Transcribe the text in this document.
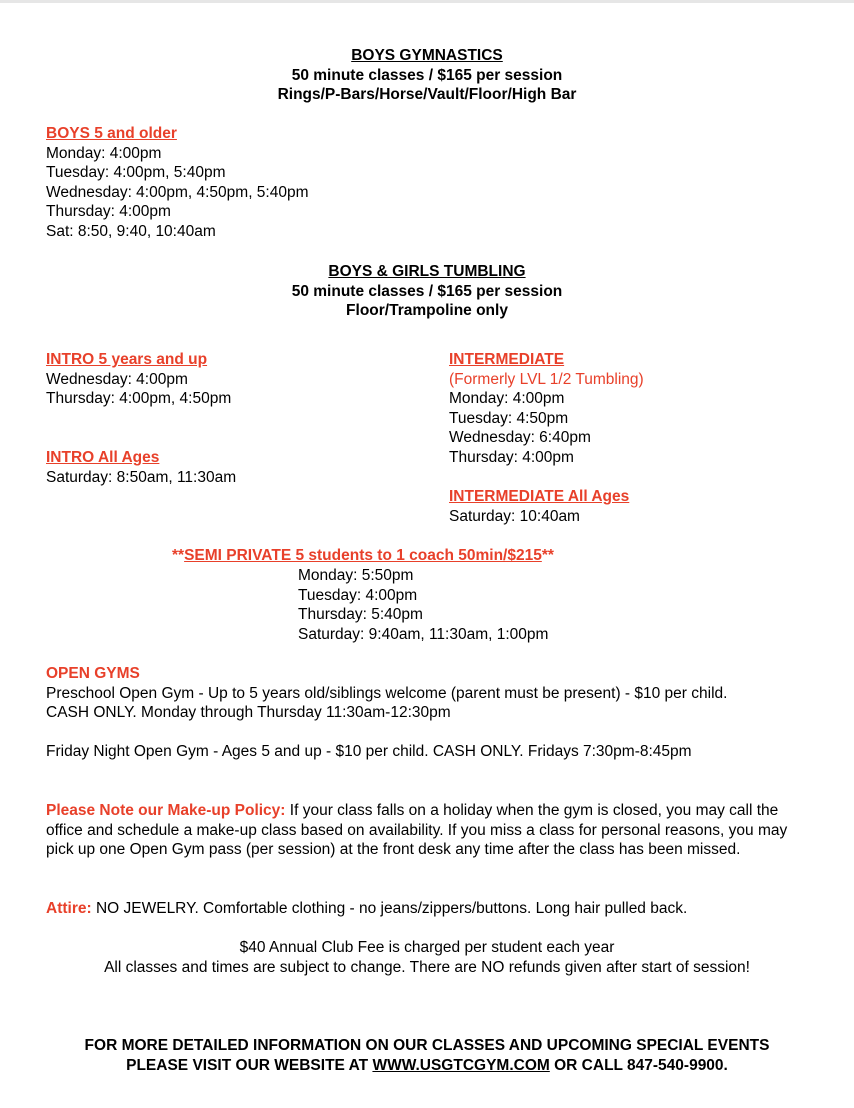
BOYS GYMNASTICS
50 minute classes / $165 per session
Rings/P-Bars/Horse/Vault/Floor/High Bar
BOYS 5 and older
Monday: 4:00pm
Tuesday: 4:00pm, 5:40pm
Wednesday: 4:00pm, 4:50pm, 5:40pm
Thursday: 4:00pm
Sat: 8:50, 9:40, 10:40am
BOYS & GIRLS TUMBLING
50 minute classes / $165 per session
Floor/Trampoline only
INTRO 5 years and up
Wednesday: 4:00pm
Thursday: 4:00pm, 4:50pm
INTRO All Ages
Saturday: 8:50am, 11:30am
INTERMEDIATE
(Formerly LVL 1/2 Tumbling)
Monday: 4:00pm
Tuesday: 4:50pm
Wednesday: 6:40pm
Thursday: 4:00pm
INTERMEDIATE All Ages
Saturday: 10:40am
**SEMI PRIVATE 5 students to 1 coach 50min/$215**
Monday: 5:50pm
Tuesday: 4:00pm
Thursday: 5:40pm
Saturday: 9:40am, 11:30am, 1:00pm
OPEN GYMS
Preschool Open Gym - Up to 5 years old/siblings welcome (parent must be present) - $10 per child.
CASH ONLY. Monday through Thursday 11:30am-12:30pm
Friday Night Open Gym - Ages 5 and up - $10 per child. CASH ONLY. Fridays 7:30pm-8:45pm
Please Note our Make-up Policy: If your class falls on a holiday when the gym is closed, you may call the office and schedule a make-up class based on availability. If you miss a class for personal reasons, you may pick up one Open Gym pass (per session) at the front desk any time after the class has been missed.
Attire: NO JEWELRY. Comfortable clothing - no jeans/zippers/buttons. Long hair pulled back.
$40 Annual Club Fee is charged per student each year
All classes and times are subject to change. There are NO refunds given after start of session!
FOR MORE DETAILED INFORMATION ON OUR CLASSES AND UPCOMING SPECIAL EVENTS
PLEASE VISIT OUR WEBSITE AT WWW.USGTCGYM.COM OR CALL 847-540-9900.
